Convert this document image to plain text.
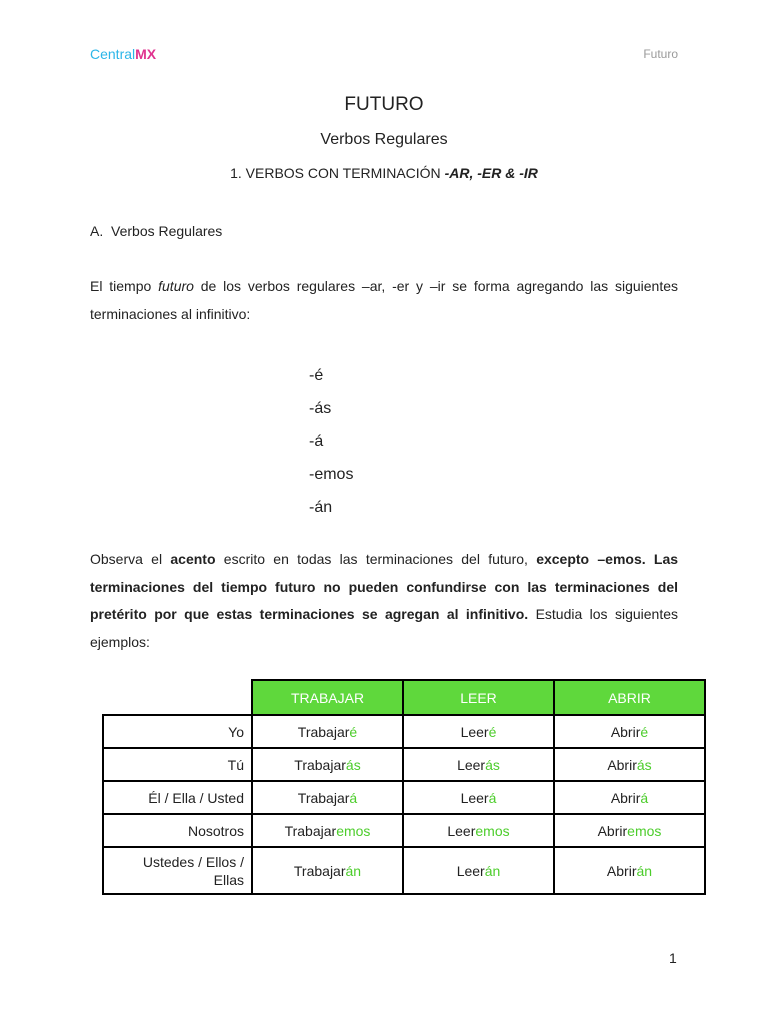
CentralMX	Futuro
FUTURO
Verbos Regulares
1. VERBOS CON TERMINACIÓN -AR, -ER & -IR
A. Verbos Regulares
El tiempo futuro de los verbos regulares –ar, -er y –ir se forma agregando las siguientes terminaciones al infinitivo:
-é
-ás
-á
-emos
-án
Observa el acento escrito en todas las terminaciones del futuro, excepto –emos. Las terminaciones del tiempo futuro no pueden confundirse con las terminaciones del pretérito por que estas terminaciones se agregan al infinitivo. Estudia los siguientes ejemplos:
	TRABAJAR	LEER	ABRIR
Yo	Trabajaré	Leeré	Abriré
Tú	Trabajarás	Leerás	Abrirás
Él / Ella / Usted	Trabajará	Leerá	Abrirá
Nosotros	Trabajaremos	Leeremos	Abriremos
Ustedes / Ellos / Ellas	Trabajarán	Leerán	Abrirán
1
